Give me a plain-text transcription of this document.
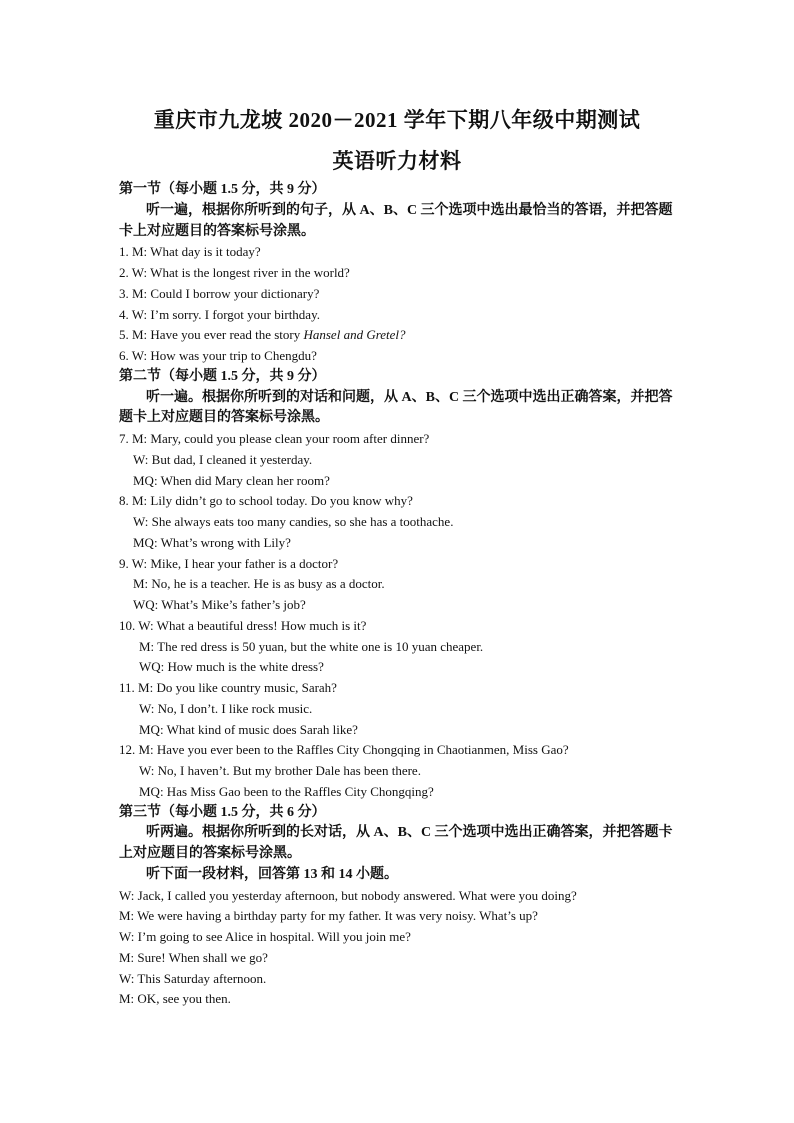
重庆市九龙坡 2020－2021 学年下期八年级中期测试
英语听力材料
第一节（每小题 1.5 分，共 9 分）
听一遍，根据你所听到的句子，从 A、B、C 三个选项中选出最恰当的答语，并把答题
卡上对应题目的答案标号涂黑。
1. M: What day is it today?
2. W: What is the longest river in the world?
3. M: Could I borrow your dictionary?
4. W: I’m sorry. I forgot your birthday.
5. M: Have you ever read the story Hansel and Gretel?
6. W: How was your trip to Chengdu?
第二节（每小题 1.5 分，共 9 分）
听一遍。根据你所听到的对话和问题，从 A、B、C 三个选项中选出正确答案，并把答
题卡上对应题目的答案标号涂黑。
7. M: Mary, could you please clean your room after dinner?
W: But dad, I cleaned it yesterday.
MQ: When did Mary clean her room?
8. M: Lily didn’t go to school today. Do you know why?
W: She always eats too many candies, so she has a toothache.
MQ: What’s wrong with Lily?
9. W: Mike, I hear your father is a doctor?
M: No, he is a teacher. He is as busy as a doctor.
WQ: What’s Mike’s father’s job?
10. W: What a beautiful dress! How much is it?
M: The red dress is 50 yuan, but the white one is 10 yuan cheaper.
WQ: How much is the white dress?
11. M: Do you like country music, Sarah?
W: No, I don’t. I like rock music.
MQ: What kind of music does Sarah like?
12. M: Have you ever been to the Raffles City Chongqing in Chaotianmen, Miss Gao?
W: No, I haven’t. But my brother Dale has been there.
MQ: Has Miss Gao been to the Raffles City Chongqing?
第三节（每小题 1.5 分，共 6 分）
听两遍。根据你所听到的长对话，从 A、B、C 三个选项中选出正确答案，并把答题卡
上对应题目的答案标号涂黑。
听下面一段材料，回答第 13 和 14 小题。
W: Jack, I called you yesterday afternoon, but nobody answered. What were you doing?
M: We were having a birthday party for my father. It was very noisy. What’s up?
W: I’m going to see Alice in hospital. Will you join me?
M: Sure! When shall we go?
W: This Saturday afternoon.
M: OK, see you then.
